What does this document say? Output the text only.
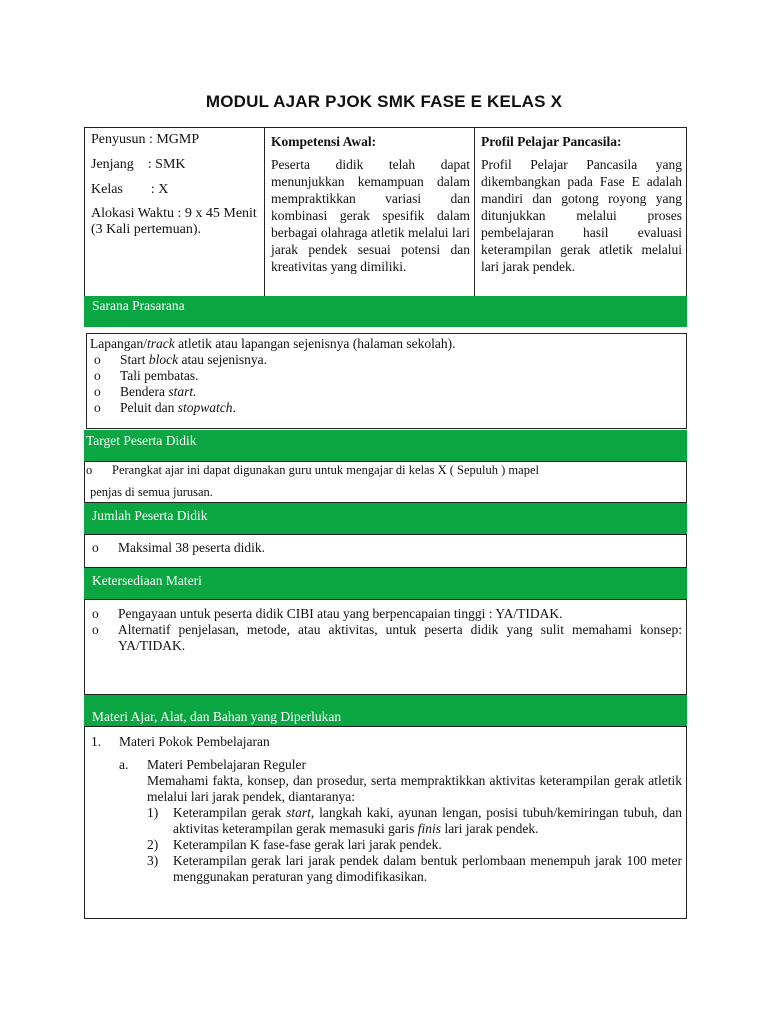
MODUL AJAR PJOK SMK FASE E KELAS X
Penyusun : MGMP
Jenjang    : SMK
Kelas        : X
Alokasi Waktu : 9 x 45 Menit (3 Kali pertemuan).
Kompetensi Awal:
Peserta didik telah dapat menunjukkan kemampuan dalam mempraktikkan variasi dan kombinasi gerak spesifik dalam berbagai olahraga atletik melalui lari jarak pendek sesuai potensi dan kreativitas yang dimiliki.
Profil Pelajar Pancasila:
Profil Pelajar Pancasila yang dikembangkan pada Fase E adalah mandiri dan gotong royong yang ditunjukkan melalui proses pembelajaran hasil evaluasi keterampilan gerak atletik melalui lari jarak pendek.
Sarana Prasarana
Lapangan/track atletik atau lapangan sejenisnya (halaman sekolah).
o Start block atau sejenisnya.
o Tali pembatas.
o Bendera start.
o Peluit dan stopwatch.
Target Peserta Didik
o Perangkat ajar ini dapat digunakan guru untuk mengajar di kelas X ( Sepuluh ) mapel
penjas di semua jurusan.
Jumlah Peserta Didik
o Maksimal 38 peserta didik.
Ketersediaan Materi
o Pengayaan untuk peserta didik CIBI atau yang berpencapaian tinggi : YA/TIDAK.
o Alternatif penjelasan, metode, atau aktivitas, untuk peserta didik yang sulit memahami konsep: YA/TIDAK.
Materi Ajar, Alat, dan Bahan yang Diperlukan
1. Materi Pokok Pembelajaran
a. Materi Pembelajaran Reguler
Memahami fakta, konsep, dan prosedur, serta mempraktikkan aktivitas keterampilan gerak atletik melalui lari jarak pendek, diantaranya:
1) Keterampilan gerak start, langkah kaki, ayunan lengan, posisi tubuh/kemiringan tubuh, dan aktivitas keterampilan gerak memasuki garis finis lari jarak pendek.
2) Keterampilan K fase-fase gerak lari jarak pendek.
3) Keterampilan gerak lari jarak pendek dalam bentuk perlombaan menempuh jarak 100 meter menggunakan peraturan yang dimodifikasikan.
